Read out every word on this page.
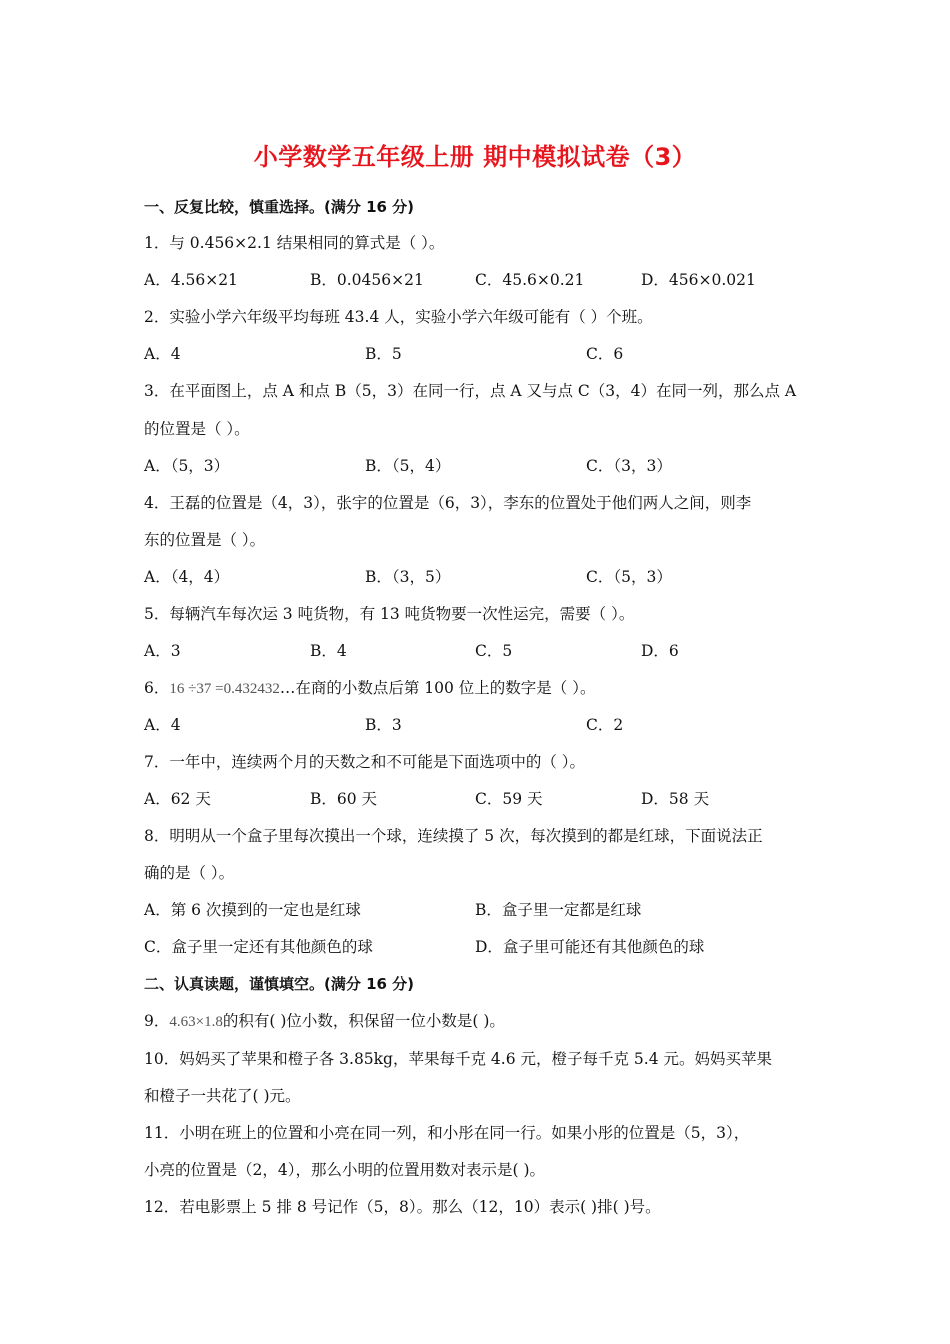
小学数学五年级上册 期中模拟试卷（3）
一、反复比较，慎重选择。(满分 16 分)
1．与 0.456×2.1 结果相同的算式是（ ）。
A．4.56×21	B．0.0456×21	C．45.6×0.21	D．456×0.021
2．实验小学六年级平均每班 43.4 人，实验小学六年级可能有（ ）个班。
A．4	B．5	C．6
3．在平面图上，点 A 和点 B（5，3）在同一行，点 A 又与点 C（3，4）在同一列，那么点 A
的位置是（ ）。
A．（5，3）	B．（5，4）	C．（3，3）
4．王磊的位置是（4，3），张宇的位置是（6，3），李东的位置处于他们两人之间，则李
东的位置是（ ）。
A．（4，4）	B．（3，5）	C．（5，3）
5．每辆汽车每次运 3 吨货物，有 13 吨货物要一次性运完，需要（ ）。
A．3	B．4	C．5	D．6
6．16 ÷37 =0.432432…在商的小数点后第 100 位上的数字是（ ）。
A．4	B．3	C．2
7．一年中，连续两个月的天数之和不可能是下面选项中的（ ）。
A．62 天	B．60 天	C．59 天	D．58 天
8．明明从一个盒子里每次摸出一个球，连续摸了 5 次，每次摸到的都是红球，下面说法正
确的是（ ）。
A．第 6 次摸到的一定也是红球	B．盒子里一定都是红球
C．盒子里一定还有其他颜色的球	D．盒子里可能还有其他颜色的球
二、认真读题，谨慎填空。(满分 16 分)
9．4.63×1.8的积有( )位小数，积保留一位小数是( )。
10．妈妈买了苹果和橙子各 3.85kg，苹果每千克 4.6 元，橙子每千克 5.4 元。妈妈买苹果
和橙子一共花了( )元。
11．小明在班上的位置和小亮在同一列，和小彤在同一行。如果小彤的位置是（5，3），
小亮的位置是（2，4），那么小明的位置用数对表示是( )。
12．若电影票上 5 排 8 号记作（5，8）。那么（12，10）表示( )排( )号。
